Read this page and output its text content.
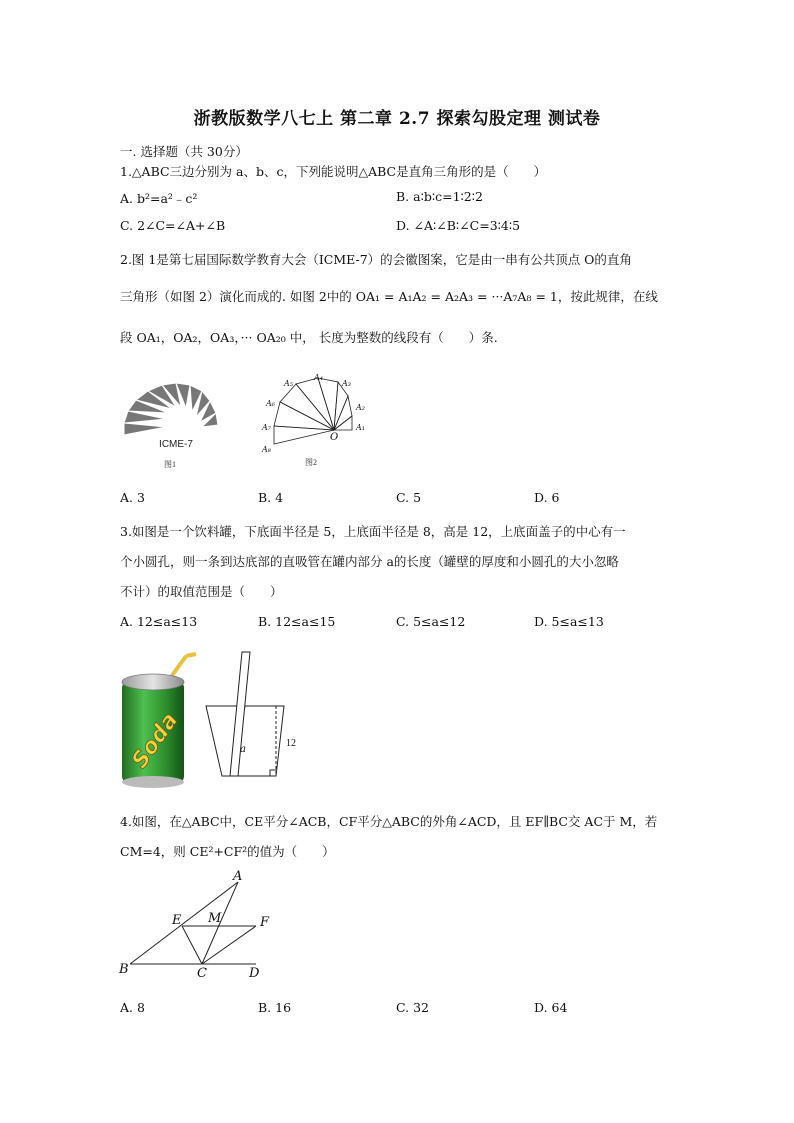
浙教版数学八七上 第二章 2.7 探索勾股定理 测试卷
一. 选择题（共 30分）
1.△ABC三边分别为 a、b、c，下列能说明△ABC是直角三角形的是（　　）
A. b²=a²﹣c²	B. a∶b∶c=1∶2∶2
C. 2∠C=∠A+∠B	D. ∠A∶∠B∶∠C=3∶4∶5
2.图 1是第七届国际数学教育大会（ICME-7）的会徽图案，它是由一串有公共顶点 O的直角
三角形（如图 2）演化而成的. 如图 2中的 OA₁ = A₁A₂ = A₂A₃ = ···A₇A₈ = 1，按此规律，在线
段 OA₁，OA₂，OA₃，··· OA₂₀ 中， 长度为整数的线段有（　　）条.
ICME-7
图1
A₁
A₂
A₃
A₄
A₅
A₆
A₇
A₈
O
图2
A. 3	B. 4	C. 5	D. 6
3.如图是一个饮料罐，下底面半径是 5，上底面半径是 8，高是 12，上底面盖子的中心有一
个小圆孔，则一条到达底部的直吸管在罐内部分 a的长度（罐壁的厚度和小圆孔的大小忽略
不计）的取值范围是（　　）
A. 12≤a≤13	B. 12≤a≤15	C. 5≤a≤12	D. 5≤a≤13
Soda	a
12
4.如图，在△ABC中，CE平分∠ACB，CF平分△ABC的外角∠ACD，且 EF∥BC交 AC于 M，若
CM=4，则 CE²+CF²的值为（　　）
A
B	C	D
E	F
M
A. 8	B. 16	C. 32	D. 64
